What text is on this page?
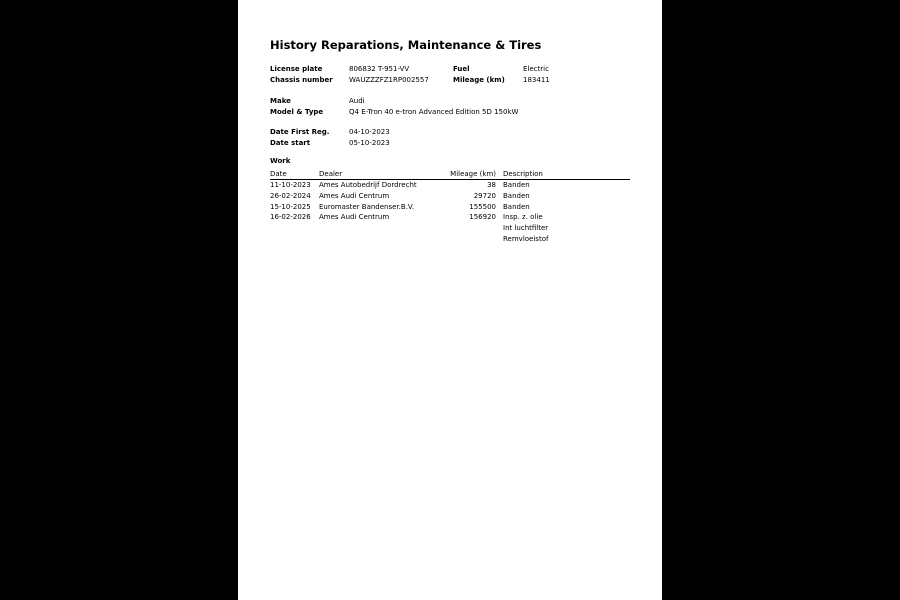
History Reparations, Maintenance & Tires
License plate	806832 T-951-VV	Fuel	Electric
Chassis number WAUZZZFZ1RP002557	Mileage (km)	183411
Make	Audi
Model & Type	Q4 E-Tron 40 e-tron Advanced Edition 5D 150kW
Date First Reg.	04-10-2023
Date start	05-10-2023
Work
Date	Dealer	Mileage (km) Description
11-10-2023 Ames Autobedrijf Dordrecht	38 Banden
26-02-2024 Ames Audi Centrum	29720 Banden
15-10-2025 Euromaster Bandenser.B.V.	155500 Banden
16-02-2026 Ames Audi Centrum	156920 Insp. z. olie
Int luchtfilter
Remvloeistof
